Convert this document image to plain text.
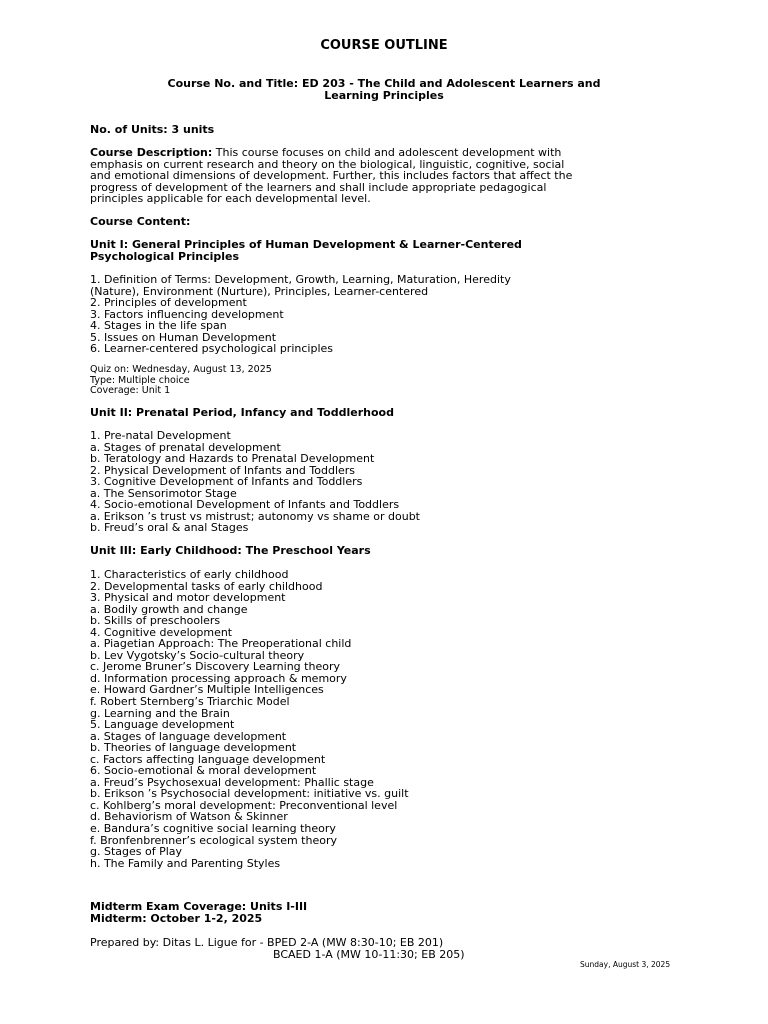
COURSE OUTLINE
Course No. and Title: ED 203 - The Child and Adolescent Learners and
Learning Principles
No. of Units: 3 units
Course Description: This course focuses on child and adolescent development with
emphasis on current research and theory on the biological, linguistic, cognitive, social
and emotional dimensions of development. Further, this includes factors that affect the
progress of development of the learners and shall include appropriate pedagogical
principles applicable for each developmental level.
Course Content:
Unit I: General Principles of Human Development & Learner-Centered
Psychological Principles
1. Definition of Terms: Development, Growth, Learning, Maturation, Heredity
(Nature), Environment (Nurture), Principles, Learner-centered
2. Principles of development
3. Factors influencing development
4. Stages in the life span
5. Issues on Human Development
6. Learner-centered psychological principles
Quiz on: Wednesday, August 13, 2025
Type: Multiple choice
Coverage: Unit 1
Unit II: Prenatal Period, Infancy and Toddlerhood
1. Pre-natal Development
a. Stages of prenatal development
b. Teratology and Hazards to Prenatal Development
2. Physical Development of Infants and Toddlers
3. Cognitive Development of Infants and Toddlers
a. The Sensorimotor Stage
4. Socio-emotional Development of Infants and Toddlers
a. Erikson ’s trust vs mistrust; autonomy vs shame or doubt
b. Freud’s oral & anal Stages
Unit III: Early Childhood: The Preschool Years
1. Characteristics of early childhood
2. Developmental tasks of early childhood
3. Physical and motor development
a. Bodily growth and change
b. Skills of preschoolers
4. Cognitive development
a. Piagetian Approach: The Preoperational child
b. Lev Vygotsky’s Socio-cultural theory
c. Jerome Bruner’s Discovery Learning theory
d. Information processing approach & memory
e. Howard Gardner’s Multiple Intelligences
f. Robert Sternberg’s Triarchic Model
g. Learning and the Brain
5. Language development
a. Stages of language development
b. Theories of language development
c. Factors affecting language development
6. Socio-emotional & moral development
a. Freud’s Psychosexual development: Phallic stage
b. Erikson ’s Psychosocial development: initiative vs. guilt
c. Kohlberg’s moral development: Preconventional level
d. Behaviorism of Watson & Skinner
e. Bandura’s cognitive social learning theory
f. Bronfenbrenner’s ecological system theory
g. Stages of Play
h. The Family and Parenting Styles
Midterm Exam Coverage: Units I-III
Midterm: October 1-2, 2025
Prepared by: Ditas L. Ligue for - BPED 2-A (MW 8:30-10; EB 201)
BCAED 1-A (MW 10-11:30; EB 205)
Sunday, August 3, 2025
